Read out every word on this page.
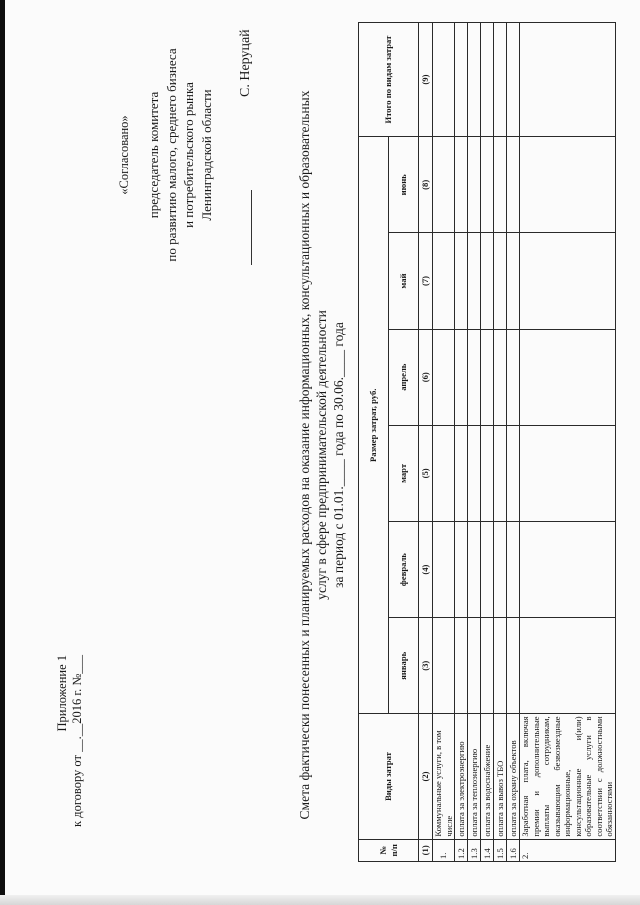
Приложение 1 к договору от __.__2016 г. №___
«Согласовано» председатель комитета по развитию малого, среднего бизнеса и потребительского рынка Ленинградской области
С. Неруцай
Смета фактически понесенных и планируемых расходов на оказание информационных, консультационных и образовательных услуг в сфере предпринимательской деятельности за период с 01.01.____ года по 30.06.____ года
№ п/п	Виды затрат	Размер затрат, руб.						Итого по видам затрат
		январь	февраль	март	апрель	май	июнь	
(1)	(2)	(3)	(4)	(5)	(6)	(7)	(8)	(9)
1.	Коммунальные услуги, в том числе							
1.2	оплата за электроэнергию							
1.3	оплата за теплоэнергию							
1.4	оплата за водоснабжение							
1.5	оплата за вывоз ТБО							
1.6	оплата за охрану объектов							
2.	Заработная плата, включая премии и дополнительные выплаты сотрудникам, оказывающим безвозмездные информационные, консультационные и(или) образовательные услуги в соответствии с должностными обязанностями							
